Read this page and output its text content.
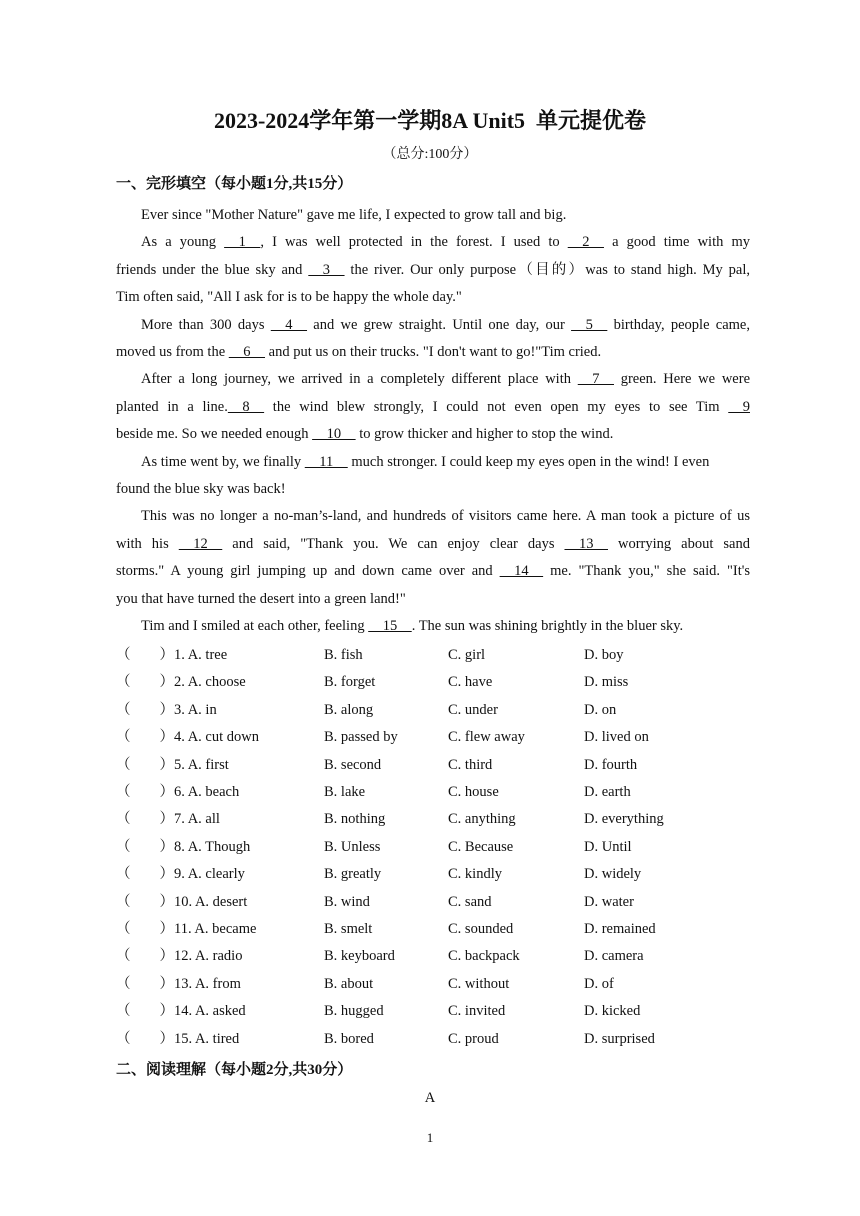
2023-2024学年第一学期8A Unit5  单元提优卷
（总分:100分）
一、完形填空（每小题1分,共15分）
Ever since "Mother Nature" gave me life, I expected to grow tall and big.
As a young     1    , I was well protected in the forest. I used to     2     a good time with my
friends under the blue sky and     3     the river. Our only purpose（目的）was to stand high. My pal,
Tim often said, "All I ask for is to be happy the whole day."
More than 300 days     4     and we grew straight. Until one day, our     5     birthday, people came,
moved us from the     6     and put us on their trucks. "I don't want to go!"Tim cried.
After a long journey, we arrived in a completely different place with     7     green. Here we were
planted in a line.    8     the wind blew strongly, I could not even open my eyes to see Tim     9
beside me. So we needed enough     10     to grow thicker and higher to stop the wind.
As time went by, we finally     11     much stronger. I could keep my eyes open in the wind! I even
found the blue sky was back!
This was no longer a no-man’s-land, and hundreds of visitors came here. A man took a picture of us
with his     12     and said, "Thank you. We can enjoy clear days     13     worrying about sand
storms." A young girl jumping up and down came over and     14     me. "Thank you," she said. "It's
you that have turned the desert into a green land!"
Tim and I smiled at each other, feeling     15    . The sun was shining brightly in the bluer sky.
（　　） 1. A. tree	B. fish	C. girl	D. boy
（　　） 2. A. choose	B. forget	C. have	D. miss
（　　） 3. A. in	B. along	C. under	D. on
（　　） 4. A. cut down	B. passed by	C. flew away	D. lived on
（　　） 5. A. first	B. second	C. third	D. fourth
（　　） 6. A. beach	B. lake	C. house	D. earth
（　　） 7. A. all	B. nothing	C. anything	D. everything
（　　） 8. A. Though	B. Unless	C. Because	D. Until
（　　） 9. A. clearly	B. greatly	C. kindly	D. widely
（　　） 10. A. desert	B. wind	C. sand	D. water
（　　） 11. A. became	B. smelt	C. sounded	D. remained
（　　） 12. A. radio	B. keyboard	C. backpack	D. camera
（　　） 13. A. from	B. about	C. without	D. of
（　　） 14. A. asked	B. hugged	C. invited	D. kicked
（　　） 15. A. tired	B. bored	C. proud	D. surprised
二、阅读理解（每小题2分,共30分）
A
1
